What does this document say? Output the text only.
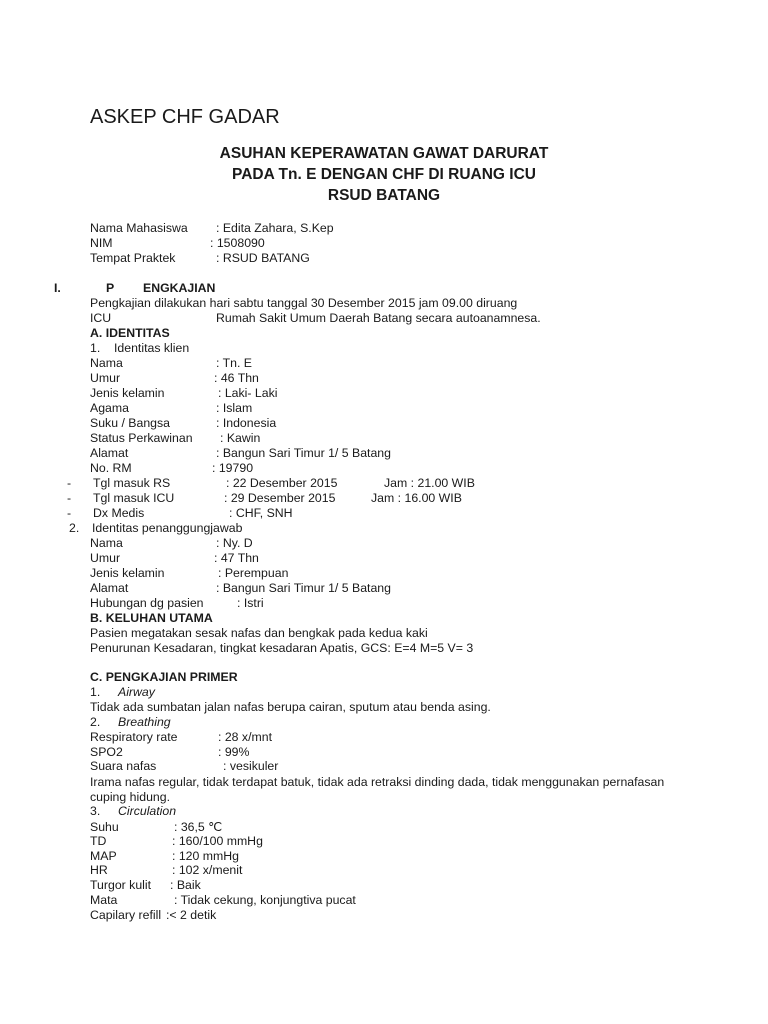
ASKEP CHF GADAR
ASUHAN KEPERAWATAN GAWAT DARURAT
PADA Tn. E DENGAN CHF DI RUANG ICU
RSUD BATANG
Nama Mahasiswa : Edita Zahara, S.Kep
NIM	: 1508090
Tempat Praktek	: RSUD BATANG
I.	P ENGKAJIAN
Pengkajian dilakukan hari sabtu tanggal 30 Desember 2015 jam 09.00 diruang
ICU	Rumah Sakit Umum Daerah Batang secara autoanamnesa.
A. IDENTITAS
1. Identitas klien
Nama	: Tn. E
Umur	: 46 Thn
Jenis kelamin	: Laki- Laki
Agama	: Islam
Suku / Bangsa	: Indonesia
Status Perkawinan : Kawin
Alamat	: Bangun Sari Timur 1/ 5 Batang
No. RM	: 19790
- Tgl masuk RS	: 22 Desember 2015	Jam : 21.00 WIB
- Tgl masuk ICU	: 29 Desember 2015	Jam : 16.00 WIB
- Dx Medis	: CHF, SNH
2. Identitas penanggungjawab
Nama	: Ny. D
Umur	: 47 Thn
Jenis kelamin	: Perempuan
Alamat	: Bangun Sari Timur 1/ 5 Batang
Hubungan dg pasien	: Istri
B. KELUHAN UTAMA
Pasien megatakan sesak nafas dan bengkak pada kedua kaki
Penurunan Kesadaran, tingkat kesadaran Apatis, GCS: E=4 M=5 V= 3
C. PENGKAJIAN PRIMER
1. Airway
Tidak ada sumbatan jalan nafas berupa cairan, sputum atau benda asing.
2. Breathing
Respiratory rate	: 28 x/mnt
SPO2	: 99%
Suara nafas	: vesikuler
Irama nafas regular, tidak terdapat batuk, tidak ada retraksi dinding dada, tidak menggunakan pernafasan
cuping hidung.
3. Circulation
Suhu	: 36,5 ℃
TD	: 160/100 mmHg
MAP	: 120 mmHg
HR	: 102 x/menit
Turgor kulit : Baik
Mata	: Tidak cekung, konjungtiva pucat
Capilary refill :< 2 detik
